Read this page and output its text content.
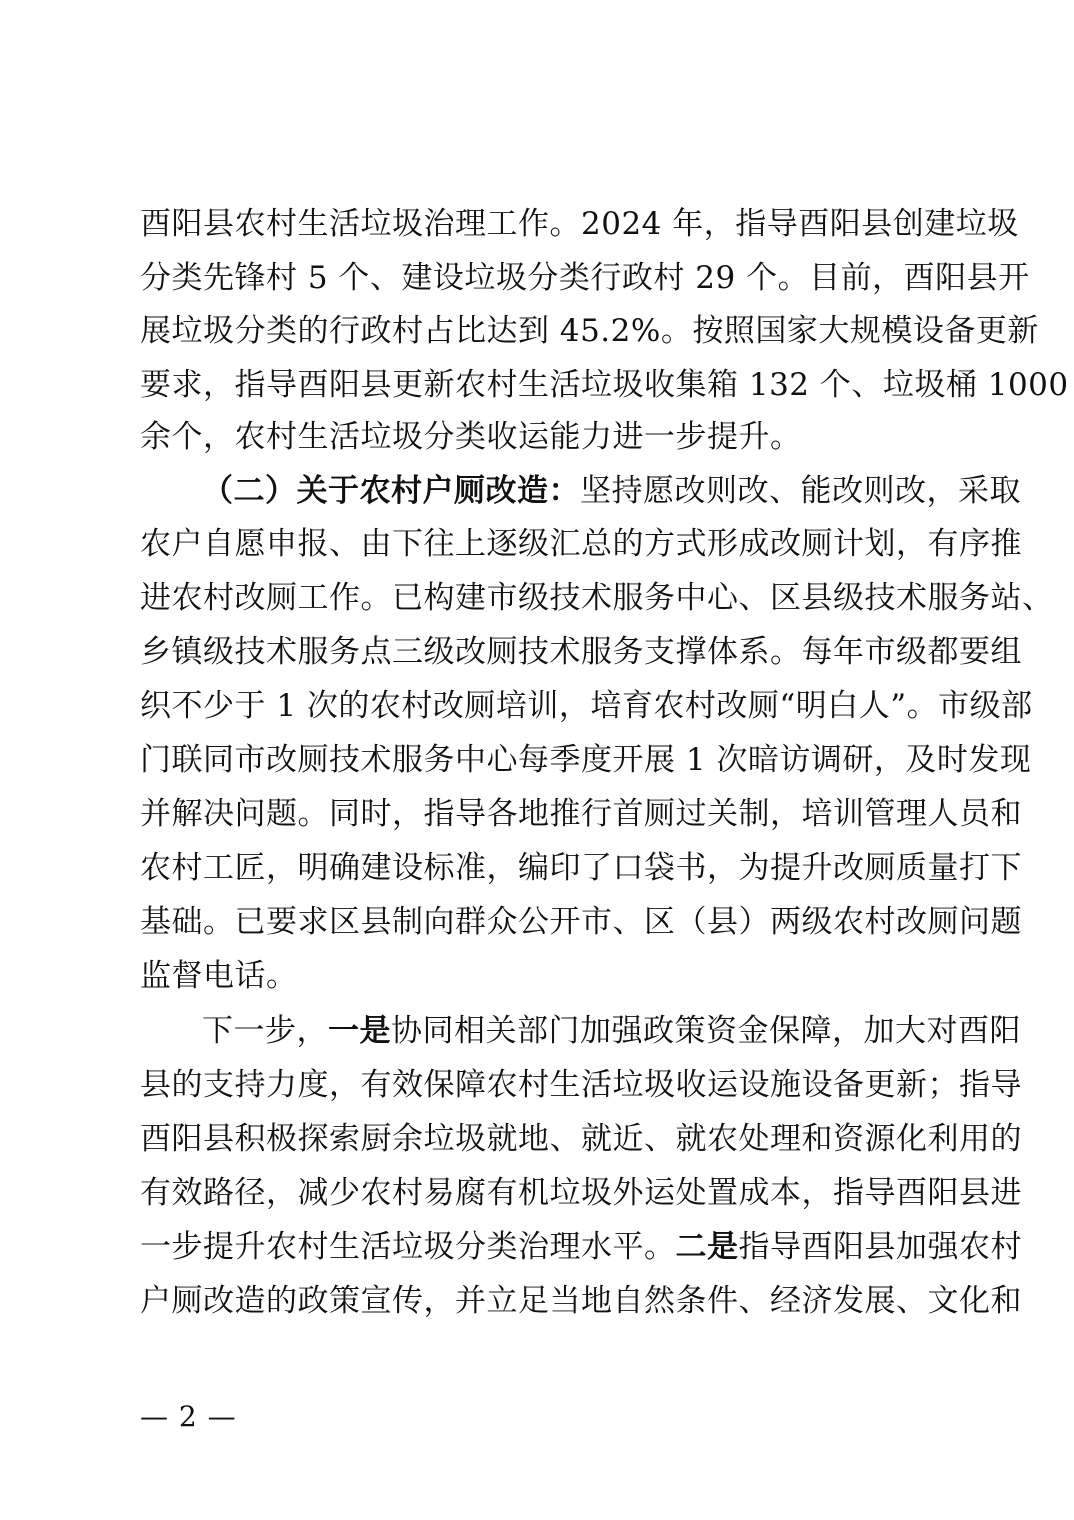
酉阳县农村生活垃圾治理工作。2024 年，指导酉阳县创建垃圾
分类先锋村 5 个、建设垃圾分类行政村 29 个。目前，酉阳县开
展垃圾分类的行政村占比达到 45.2%。按照国家大规模设备更新
要求，指导酉阳县更新农村生活垃圾收集箱 132 个、垃圾桶 1000
余个，农村生活垃圾分类收运能力进一步提升。
（二）关于农村户厕改造：坚持愿改则改、能改则改，采取
农户自愿申报、由下往上逐级汇总的方式形成改厕计划，有序推
进农村改厕工作。已构建市级技术服务中心、区县级技术服务站、
乡镇级技术服务点三级改厕技术服务支撑体系。每年市级都要组
织不少于 1 次的农村改厕培训，培育农村改厕“明白人”。市级部
门联同市改厕技术服务中心每季度开展 1 次暗访调研，及时发现
并解决问题。同时，指导各地推行首厕过关制，培训管理人员和
农村工匠，明确建设标准，编印了口袋书，为提升改厕质量打下
基础。已要求区县制向群众公开市、区（县）两级农村改厕问题
监督电话。
下一步，一是协同相关部门加强政策资金保障，加大对酉阳
县的支持力度，有效保障农村生活垃圾收运设施设备更新；指导
酉阳县积极探索厨余垃圾就地、就近、就农处理和资源化利用的
有效路径，减少农村易腐有机垃圾外运处置成本，指导酉阳县进
一步提升农村生活垃圾分类治理水平。二是指导酉阳县加强农村
户厕改造的政策宣传，并立足当地自然条件、经济发展、文化和
— 2 —
